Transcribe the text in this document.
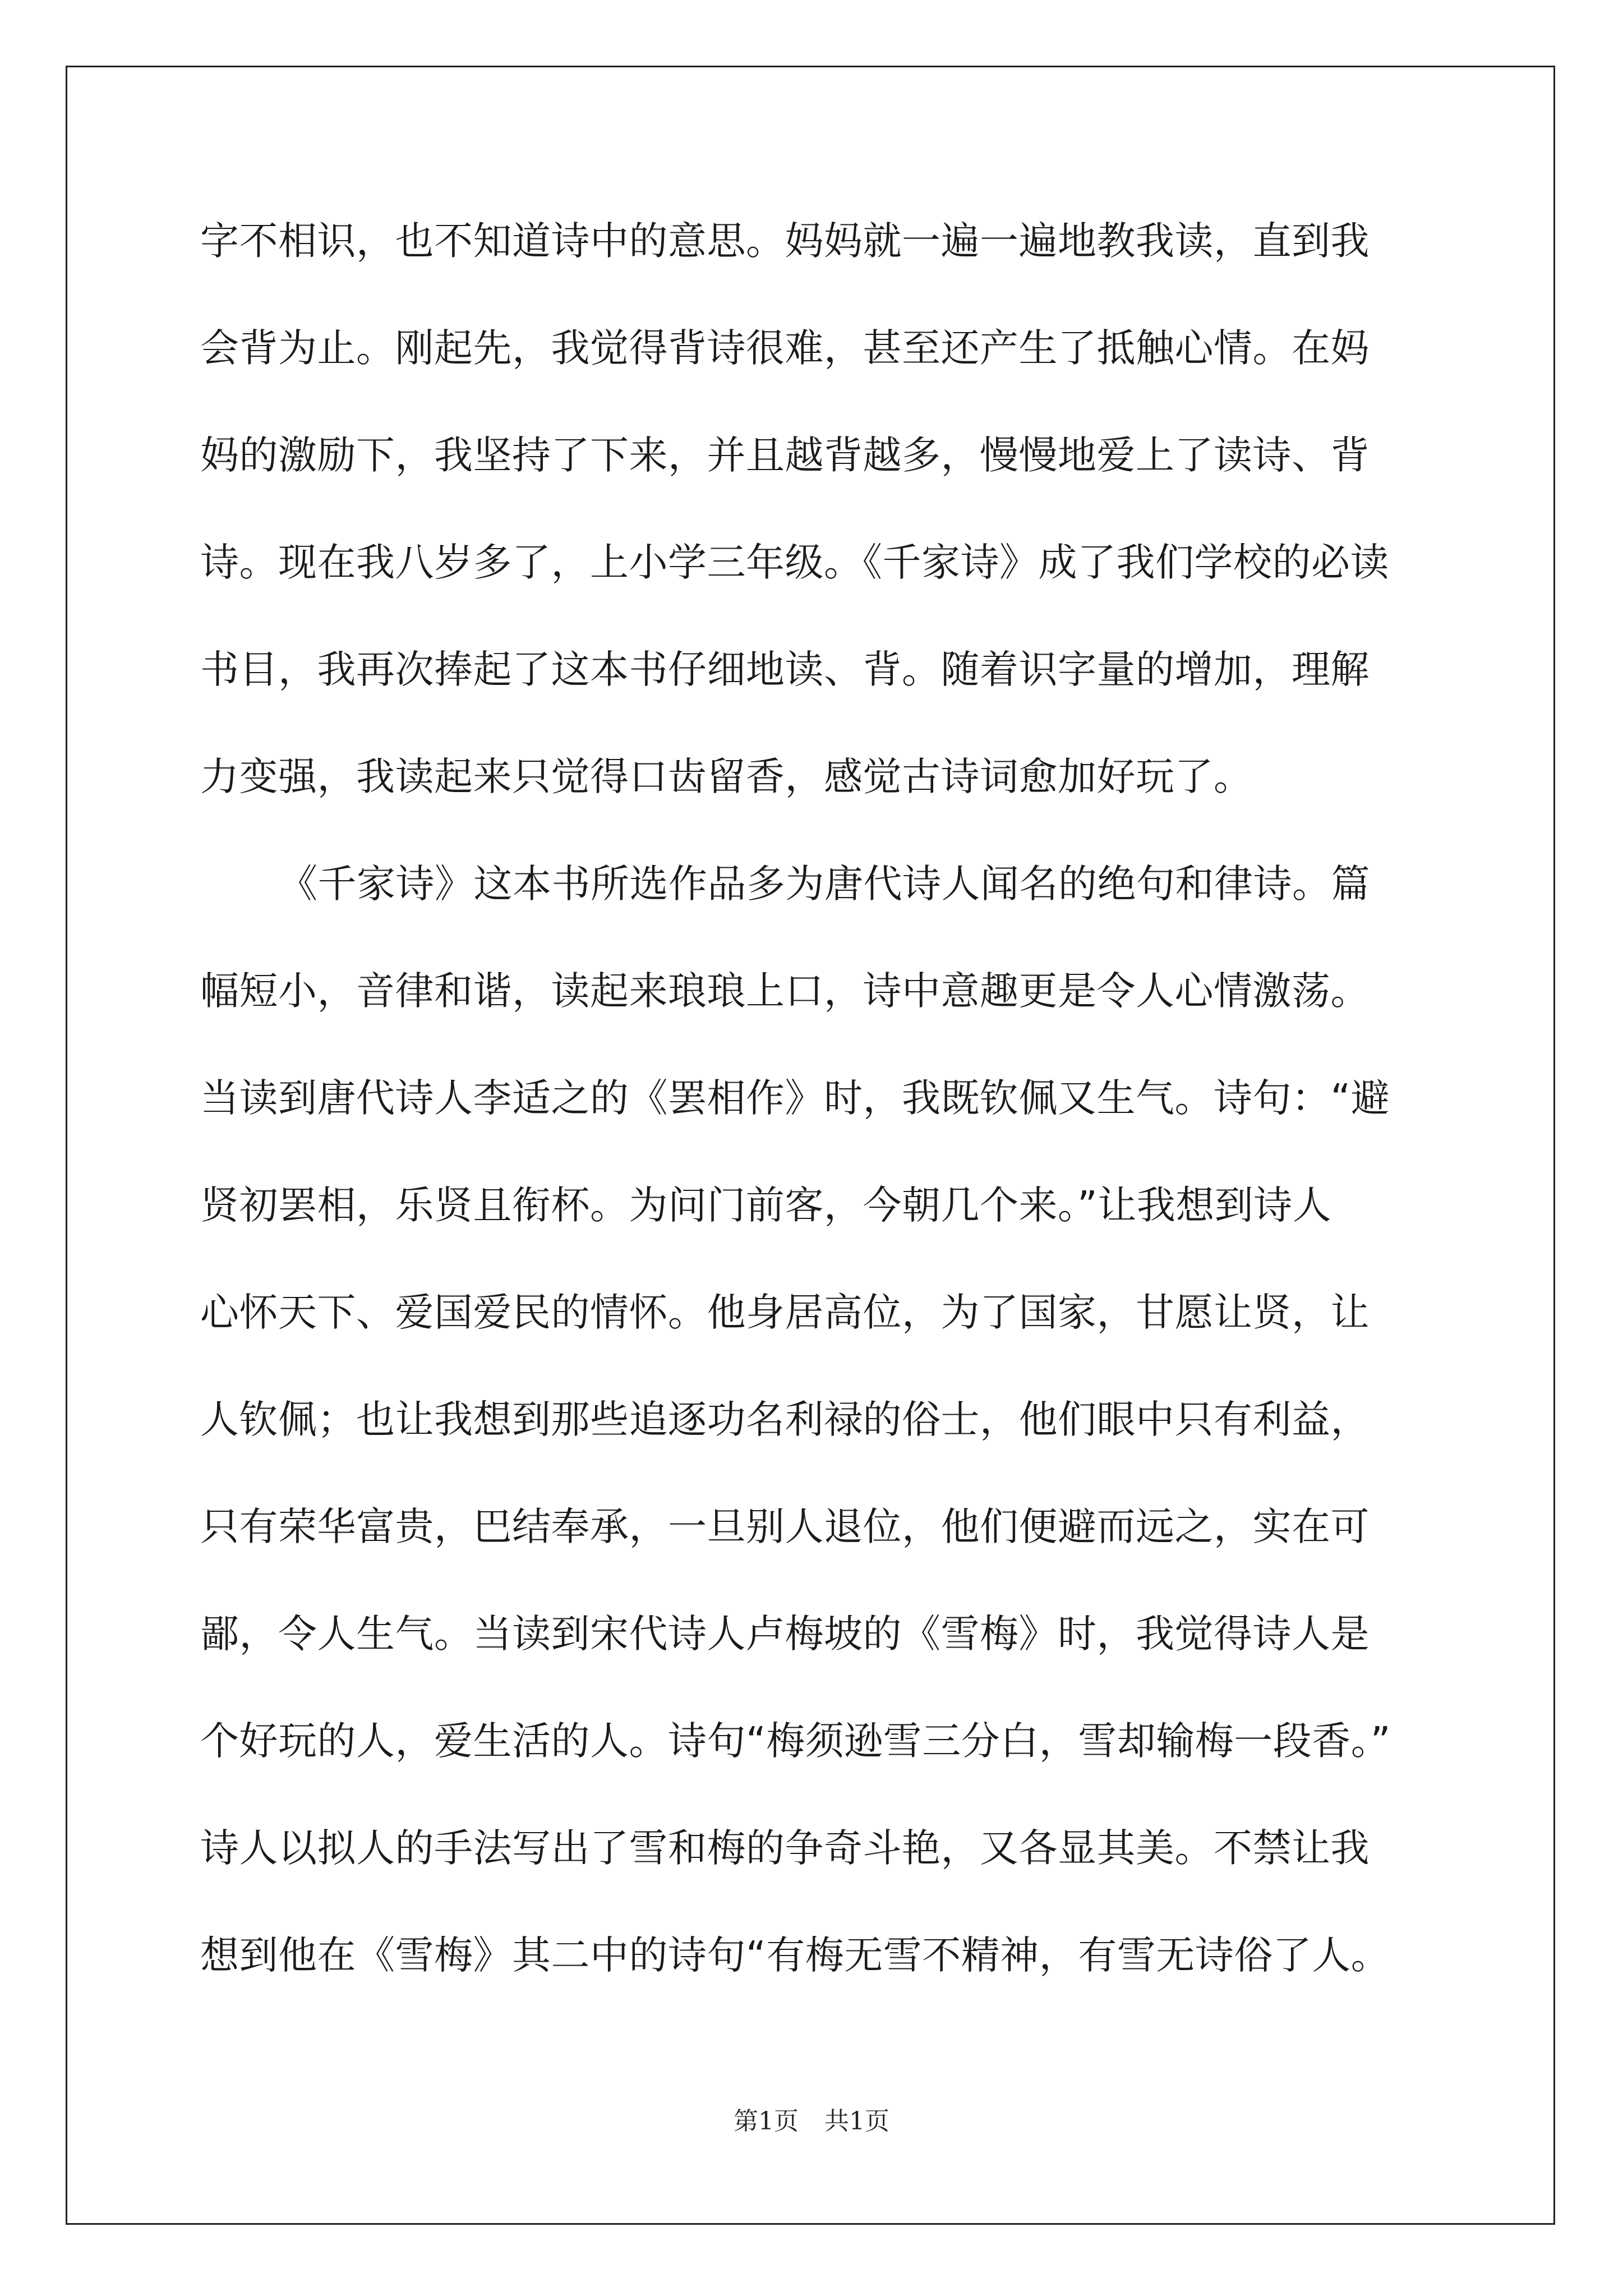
字不相识，也不知道诗中的意思。妈妈就一遍一遍地教我读，直到我
会背为止。刚起先，我觉得背诗很难，甚至还产生了抵触心情。在妈
妈的激励下，我坚持了下来，并且越背越多，慢慢地爱上了读诗、背
诗。现在我八岁多了，上小学三年级。《千家诗》成了我们学校的必读
书目，我再次捧起了这本书仔细地读、背。随着识字量的增加，理解
力变强，我读起来只觉得口齿留香，感觉古诗词愈加好玩了。
《千家诗》这本书所选作品多为唐代诗人闻名的绝句和律诗。篇
幅短小，音律和谐，读起来琅琅上口，诗中意趣更是令人心情激荡。
当读到唐代诗人李适之的《罢相作》时，我既钦佩又生气。诗句：“避
贤初罢相，乐贤且衔杯。为问门前客，今朝几个来。”让我想到诗人
心怀天下、爱国爱民的情怀。他身居高位，为了国家，甘愿让贤，让
人钦佩；也让我想到那些追逐功名利禄的俗士，他们眼中只有利益，
只有荣华富贵，巴结奉承，一旦别人退位，他们便避而远之，实在可
鄙，令人生气。当读到宋代诗人卢梅坡的《雪梅》时，我觉得诗人是
个好玩的人，爱生活的人。诗句“梅须逊雪三分白，雪却输梅一段香。”
诗人以拟人的手法写出了雪和梅的争奇斗艳，又各显其美。不禁让我
想到他在《雪梅》其二中的诗句“有梅无雪不精神，有雪无诗俗了人。
第1页 共1页
